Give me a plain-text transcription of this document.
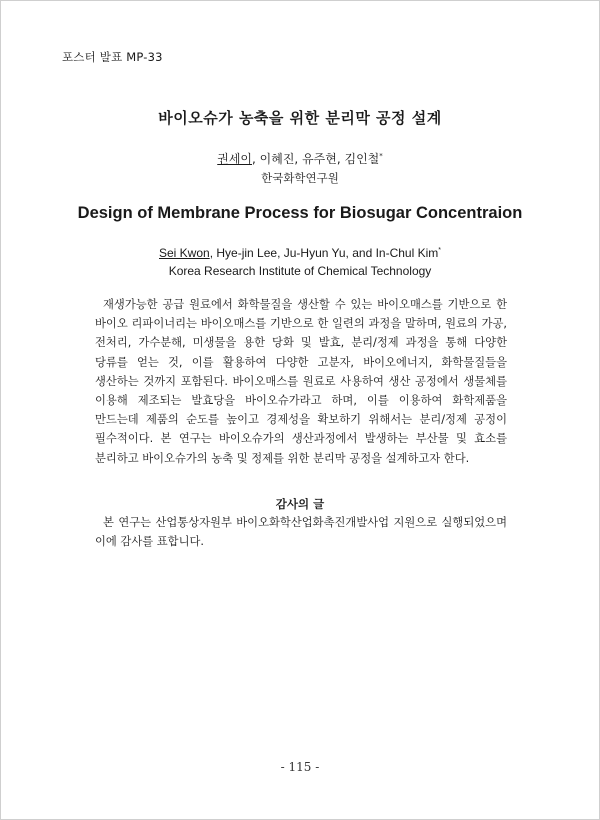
포스터 발표 MP-33
바이오슈가 농축을 위한 분리막 공정 설계
권세이, 이혜진, 유주현, 김인철*
한국화학연구원
Design of Membrane Process for Biosugar Concentraion
Sei Kwon, Hye-jin Lee, Ju-Hyun Yu, and In-Chul Kim*
Korea Research Institute of Chemical Technology

재생가능한 공급 원료에서 화학물질을 생산할 수 있는 바이오매스를 기반으로 한 바이오 리파이너리는 바이오매스를 기반으로 한 일련의 과정을 말하며, 원료의 가공, 전처리, 가수분해, 미생물을 용한 당화 및 발효, 분리/정제 과정을 통해 다양한 당류를 얻는 것, 이를 활용하여 다양한 고분자, 바이오에너지, 화학물질들을 생산하는 것까지 포함된다. 바이오매스를 원료로 사용하여 생산 공정에서 생물체를 이용해 제조되는 발효당을 바이오슈가라고 하며, 이를 이용하여 화학제품을 만드는데 제품의 순도를 높이고 경제성을 확보하기 위해서는 분리/정제 공정이 필수적이다. 본 연구는 바이오슈가의 생산과정에서 발생하는 부산물 및 효소를 분리하고 바이오슈가의 농축 및 정제를 위한 분리막 공정을 설계하고자 한다.

감사의 글

본 연구는 산업통상자원부 바이오화학산업화촉진개발사업 지원으로 실행되었으며 이에 감사를 표합니다.

- 115 -
